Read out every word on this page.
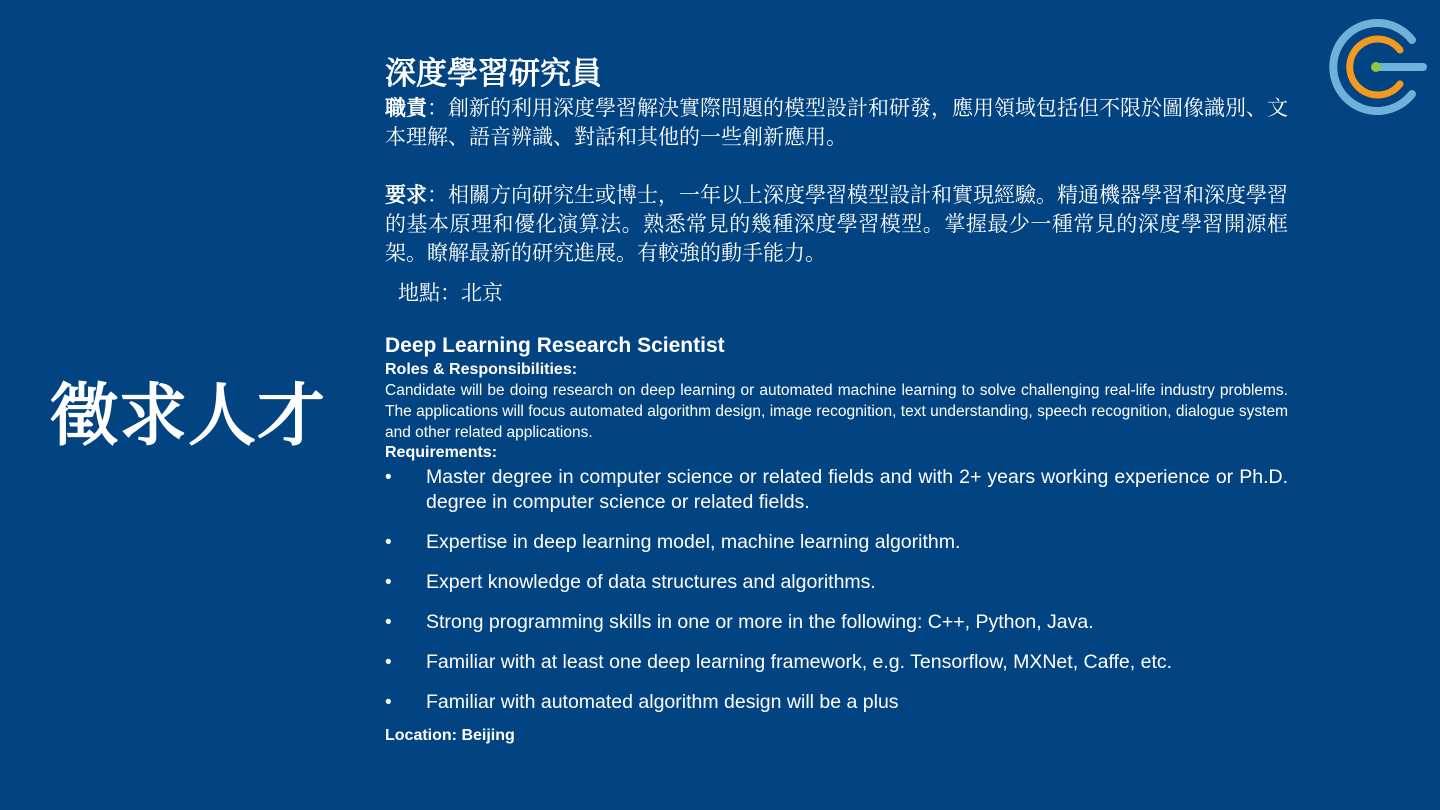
徵求人才
深度學習研究員

職責：創新的利用深度學習解決實際問題的模型設計和研發，應用領域包括但不限於圖像識別、文本理解、語音辨識、對話和其他的一些創新應用。

要求：相關方向研究生或博士，一年以上深度學習模型設計和實現經驗。精通機器學習和深度學習的基本原理和優化演算法。熟悉常見的幾種深度學習模型。掌握最少一種常見的深度學習開源框架。瞭解最新的研究進展。有較強的動手能力。

地點：北京

Deep Learning Research Scientist

Roles & Responsibilities:

Candidate will be doing research on deep learning or automated machine learning to solve challenging real-life industry problems. The applications will focus automated algorithm design, image recognition, text understanding, speech recognition, dialogue system and other related applications.

Requirements:

• Master degree in computer science or related fields and with 2+ years working experience or Ph.D. degree in computer science or related fields.
• Expertise in deep learning model, machine learning algorithm.
• Expert knowledge of data structures and algorithms.
• Strong programming skills in one or more in the following: C++, Python, Java.
• Familiar with at least one deep learning framework, e.g. Tensorflow, MXNet, Caffe, etc.
• Familiar with automated algorithm design will be a plus

Location: Beijing
